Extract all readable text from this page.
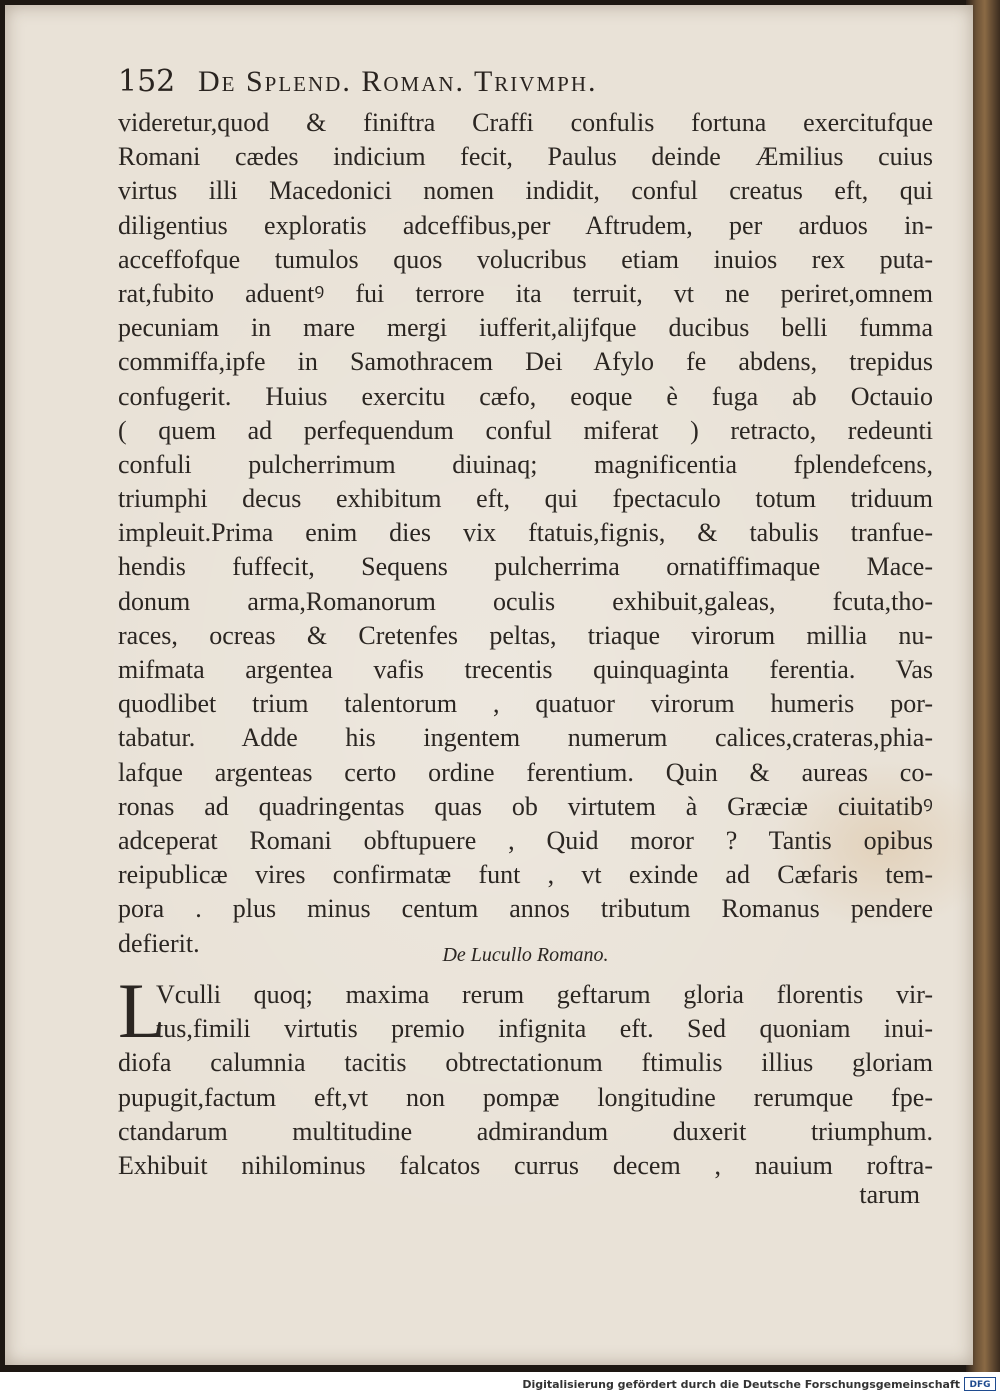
152 De Splend. Roman. Trivmph.
videretur,quod & finiftra Craffi confulis fortuna exercitufque
Romani cædes indicium fecit, Paulus deinde Æmilius cuius
virtus illi Macedonici nomen indidit, conful creatus eft, qui
diligentius exploratis adceffibus,per Aftrudem, per arduos in-
acceffofque tumulos quos volucribus etiam inuios rex puta-
rat,fubito aduentꝰ fui terrore ita terruit, vt ne periret,omnem
pecuniam in mare mergi iufferit,alijfque ducibus belli fumma
commiffa,ipfe in Samothracem Dei Afylo fe abdens, trepidus
confugerit. Huius exercitu cæfo, eoque è fuga ab Octauio
( quem ad perfequendum conful miferat ) retracto, redeunti
confuli pulcherrimum diuinaq; magnificentia fplendefcens,
triumphi decus exhibitum eft, qui fpectaculo totum triduum
impleuit.Prima enim dies vix ftatuis,fignis, & tabulis tranfue-
hendis fuffecit, Sequens pulcherrima ornatiffimaque Mace-
donum arma,Romanorum oculis exhibuit,galeas, fcuta,tho-
races, ocreas & Cretenfes peltas, triaque virorum millia nu-
mifmata argentea vafis trecentis quinquaginta ferentia. Vas
quodlibet trium talentorum , quatuor virorum humeris por-
tabatur. Adde his ingentem numerum calices,crateras,phia-
lafque argenteas certo ordine ferentium. Quin & aureas co-
ronas ad quadringentas quas ob virtutem à Græciæ ciuitatibꝰ
adceperat Romani obftupuere , Quid moror ? Tantis opibus
reipublicæ vires confirmatæ funt , vt exinde ad Cæfaris tem-
pora . plus minus centum annos tributum Romanus pendere
defierit.	De Lucullo Romano.
L
Vculli quoq; maxima rerum geftarum gloria florentis vir-
tus,fimili virtutis premio infignita eft. Sed quoniam inui-
diofa calumnia tacitis obtrectationum ftimulis illius gloriam
pupugit,factum eft,vt non pompæ longitudine rerumque fpe-
ctandarum multitudine admirandum duxerit triumphum.
Exhibuit nihilominus falcatos currus decem , nauium roftra-
tarum
Digitalisierung gefördert durch die Deutsche Forschungsgemeinschaft	DFG
